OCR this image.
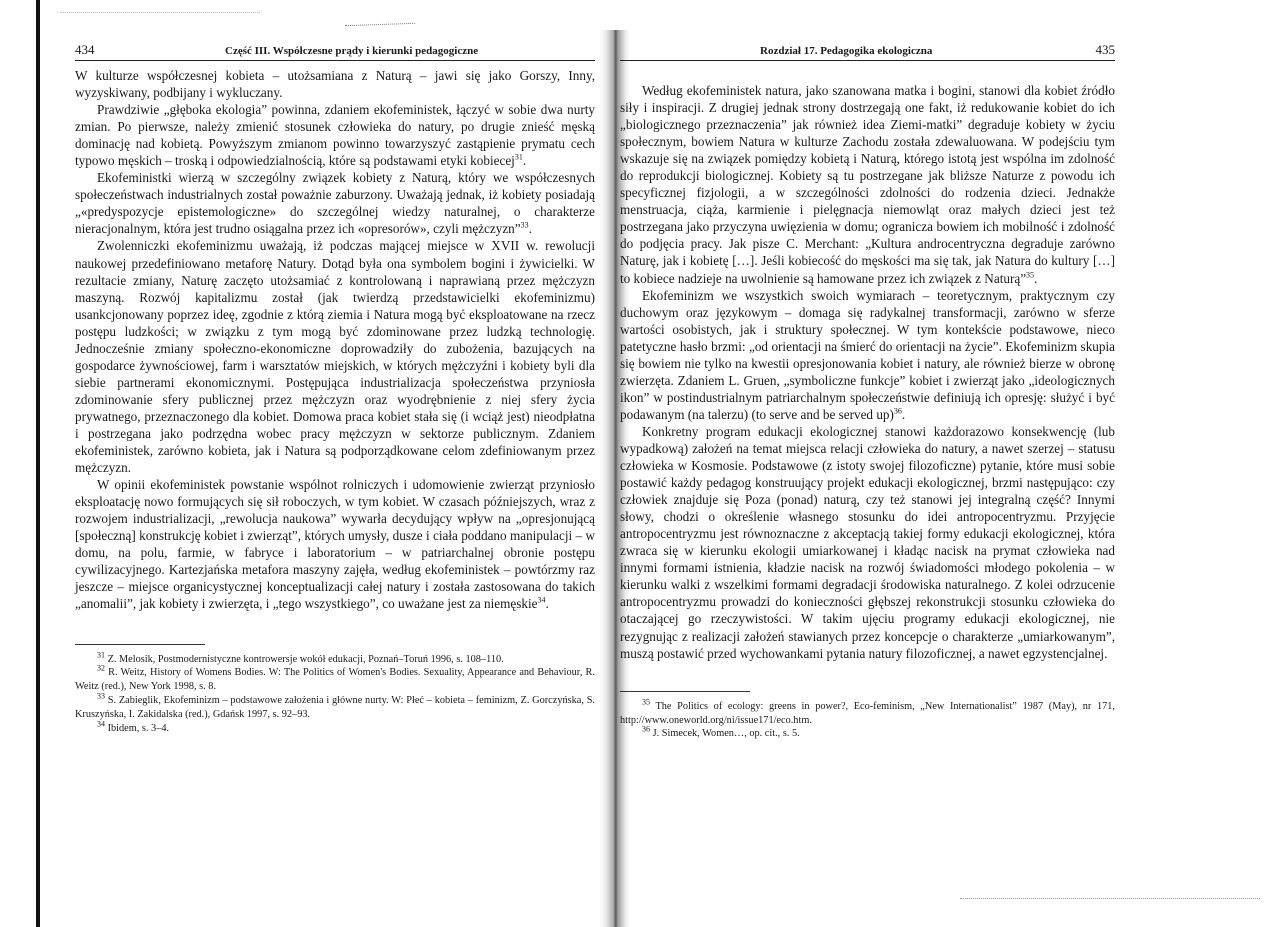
434	Część III. Współczesne prądy i kierunki pedagogiczne

W kulturze współczesnej kobieta – utożsamiana z Naturą – jawi się jako Gorszy, Inny, wyzyskiwany, podbijany i wykluczany.

Prawdziwie „głęboka ekologia” powinna, zdaniem ekofeministek, łączyć w sobie dwa nurty zmian. Po pierwsze, należy zmienić stosunek człowieka do natury, po drugie znieść męską dominację nad kobietą. Powyższym zmianom powinno towarzyszyć zastąpienie prymatu cech typowo męskich – troską i odpowiedzialnością, które są podstawami etyki kobiecej$^{31}$.

Ekofeministki wierzą w szczególny związek kobiety z Naturą, który we współczesnych społeczeństwach industrialnych został poważnie zaburzony. Uważają jednak, iż kobiety posiadają „«predyspozycje epistemologiczne» do szczególnej wiedzy naturalnej, o charakterze nieracjonalnym, która jest trudno osiągalna przez ich «opresorów», czyli mężczyzn”$^{33}$.

Zwolenniczki ekofeminizmu uważają, iż podczas mającej miejsce w XVII w. rewolucji naukowej przedefiniowano metaforę Natury. Dotąd była ona symbolem bogini i żywicielki. W rezultacie zmiany, Naturę zaczęto utożsamiać z kontrolowaną i naprawianą przez mężczyzn maszyną. Rozwój kapitalizmu został (jak twierdzą przedstawicielki ekofeminizmu) usankcjonowany poprzez ideę, zgodnie z którą ziemia i Natura mogą być eksploatowane na rzecz postępu ludzkości; w związku z tym mogą być zdominowane przez ludzką technologię. Jednocześnie zmiany społeczno-ekonomiczne doprowadziły do zubożenia, bazujących na gospodarce żywnościowej, farm i warsztatów miejskich, w których mężczyźni i kobiety byli dla siebie partnerami ekonomicznymi. Postępująca industrializacja społeczeństwa przyniosła zdominowanie sfery publicznej przez mężczyzn oraz wyodrębnienie z niej sfery życia prywatnego, przeznaczonego dla kobiet. Domowa praca kobiet stała się (i wciąż jest) nieodpłatna i postrzegana jako podrzędna wobec pracy mężczyzn w sektorze publicznym. Zdaniem ekofeministek, zarówno kobieta, jak i Natura są podporządkowane celom zdefiniowanym przez mężczyzn.

W opinii ekofeministek powstanie wspólnot rolniczych i udomowienie zwierząt przyniosło eksploatację nowo formujących się sił roboczych, w tym kobiet. W czasach późniejszych, wraz z rozwojem industrializacji, „rewolucja naukowa” wywarła decydujący wpływ na „opresjonującą [społeczną] konstrukcję kobiet i zwierząt”, których umysły, dusze i ciała poddano manipulacji – w domu, na polu, farmie, w fabryce i laboratorium – w patriarchalnej obronie postępu cywilizacyjnego. Kartezjańska metafora maszyny zajęła, według ekofeministek – powtórzmy raz jeszcze – miejsce organicystycznej konceptualizacji całej natury i została zastosowana do takich „anomalii”, jak kobiety i zwierzęta, i „tego wszystkiego”, co uważane jest za niemęskie$^{34}$.

$^{31}$ Z. Melosik, Postmodernistyczne kontrowersje wokół edukacji, Poznań–Toruń 1996, s. 108–110.

$^{32}$ R. Weitz, History of Womens Bodies. W: The Politics of Women's Bodies. Sexuality, Appearance and Behaviour, R. Weitz (red.), New York 1998, s. 8.

$^{33}$ S. Zabieglik, Ekofeminizm – podstawowe założenia i główne nurty. W: Płeć – kobieta – feminizm, Z. Gorczyńska, S. Kruszyńska, I. Zakidalska (red.), Gdańsk 1997, s. 92–93.

$^{34}$ Ibidem, s. 3–4.

Rozdział 17. Pedagogika ekologiczna	435

Według ekofeministek natura, jako szanowana matka i bogini, stanowi dla kobiet źródło siły i inspiracji. Z drugiej jednak strony dostrzegają one fakt, iż redukowanie kobiet do ich „biologicznego przeznaczenia” jak również idea Ziemi-matki” degraduje kobiety w życiu społecznym, bowiem Natura w kulturze Zachodu została zdewaluowana. W podejściu tym wskazuje się na związek pomiędzy kobietą i Naturą, którego istotą jest wspólna im zdolność do reprodukcji biologicznej. Kobiety są tu postrzegane jak bliższe Naturze z powodu ich specyficznej fizjologii, a w szczególności zdolności do rodzenia dzieci. Jednakże menstruacja, ciąża, karmienie i pielęgnacja niemowląt oraz małych dzieci jest też postrzegana jako przyczyna uwięzienia w domu; ogranicza bowiem ich mobilność i zdolność do podjęcia pracy. Jak pisze C. Merchant: „Kultura androcentryczna degraduje zarówno Naturę, jak i kobietę […]. Jeśli kobiecość do męskości ma się tak, jak Natura do kultury […] to kobiece nadzieje na uwolnienie są hamowane przez ich związek z Naturą”$^{35}$.

Ekofeminizm we wszystkich swoich wymiarach – teoretycznym, praktycznym czy duchowym oraz językowym – domaga się radykalnej transformacji, zarówno w sferze wartości osobistych, jak i struktury społecznej. W tym kontekście podstawowe, nieco patetyczne hasło brzmi: „od orientacji na śmierć do orientacji na życie”. Ekofeminizm skupia się bowiem nie tylko na kwestii opresjonowania kobiet i natury, ale również bierze w obronę zwierzęta. Zdaniem L. Gruen, „symboliczne funkcje” kobiet i zwierząt jako „ideologicznych ikon” w postindustrialnym patriarchalnym społeczeństwie definiują ich opresję: służyć i być podawanym (na talerzu) (to serve and be served up)$^{36}$.

Konkretny program edukacji ekologicznej stanowi każdorazowo konsekwencję (lub wypadkową) założeń na temat miejsca relacji człowieka do natury, a nawet szerzej – statusu człowieka w Kosmosie. Podstawowe (z istoty swojej filozoficzne) pytanie, które musi sobie postawić każdy pedagog konstruujący projekt edukacji ekologicznej, brzmi następująco: czy człowiek znajduje się Poza (ponad) naturą, czy też stanowi jej integralną część? Innymi słowy, chodzi o określenie własnego stosunku do idei antropocentryzmu. Przyjęcie antropocentryzmu jest równoznaczne z akceptacją takiej formy edukacji ekologicznej, która zwraca się w kierunku ekologii umiarkowanej i kładąc nacisk na prymat człowieka nad innymi formami istnienia, kładzie nacisk na rozwój świadomości młodego pokolenia – w kierunku walki z wszelkimi formami degradacji środowiska naturalnego. Z kolei odrzucenie antropocentryzmu prowadzi do konieczności głębszej rekonstrukcji stosunku człowieka do otaczającej go rzeczywistości. W takim ujęciu programy edukacji ekologicznej, nie rezygnując z realizacji założeń stawianych przez koncepcje o charakterze „umiarkowanym”, muszą postawić przed wychowankami pytania natury filozoficznej, a nawet egzystencjalnej.

$^{35}$ The Politics of ecology: greens in power?, Eco-feminism, „New Internationalist” 1987 (May), nr 171, http://www.oneworld.org/ni/issue171/eco.htm.

$^{36}$ J. Simecek, Women…, op. cit., s. 5.
